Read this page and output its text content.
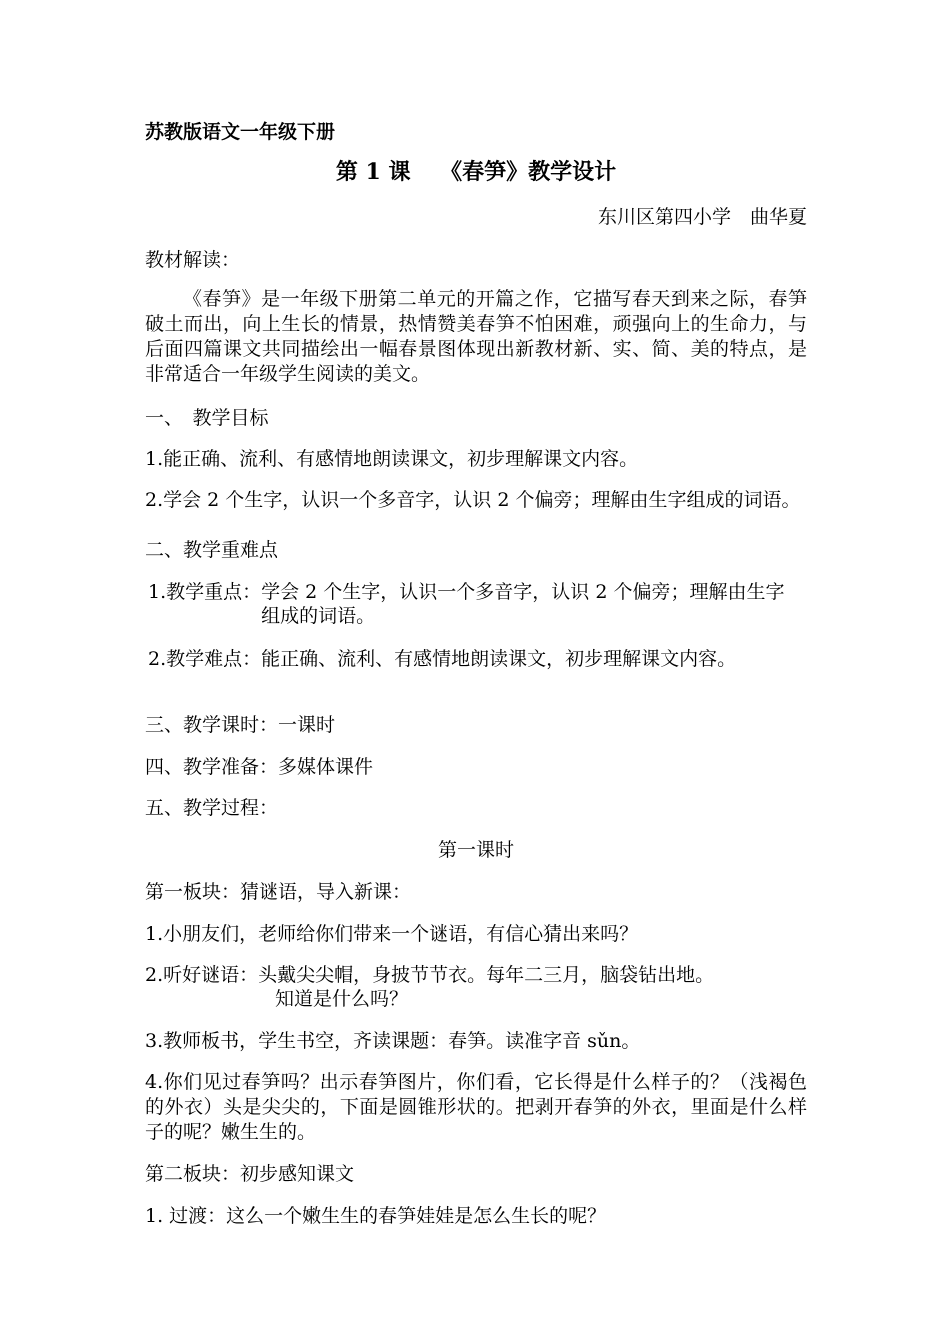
苏教版语文一年级下册
第 1 课　 《春笋》教学设计
东川区第四小学　曲华夏
教材解读：
《春笋》是一年级下册第二单元的开篇之作，它描写春天到来之际，春笋破土而出，向上生长的情景，热情赞美春笋不怕困难，顽强向上的生命力，与后面四篇课文共同描绘出一幅春景图体现出新教材新、实、简、美的特点，是非常适合一年级学生阅读的美文。
一、　教学目标
1.能正确、流利、有感情地朗读课文，初步理解课文内容。
2.学会 2 个生字，认识一个多音字，认识 2 个偏旁；理解由生字组成的词语。
二、教学重难点
1.教学重点： 学会 2 个生字，认识一个多音字，认识 2 个偏旁；理解由生字组成的词语。
2.教学难点： 能正确、流利、有感情地朗读课文，初步理解课文内容。
三、教学课时：一课时
四、教学准备：多媒体课件
五、教学过程：
第一课时
第一板块：猜谜语，导入新课：
1.小朋友们，老师给你们带来一个谜语，有信心猜出来吗？
2.听好谜语：头戴尖尖帽，身披节节衣。每年二三月，脑袋钻出地。
知道是什么吗？
3.教师板书，学生书空，齐读课题：春笋。读准字音 sǔn。
4.你们见过春笋吗？出示春笋图片，你们看，它长得是什么样子的？（浅褐色的外衣）头是尖尖的，下面是圆锥形状的。把剥开春笋的外衣，里面是什么样子的呢？嫩生生的。
第二板块：初步感知课文
1. 过渡：这么一个嫩生生的春笋娃娃是怎么生长的呢？
